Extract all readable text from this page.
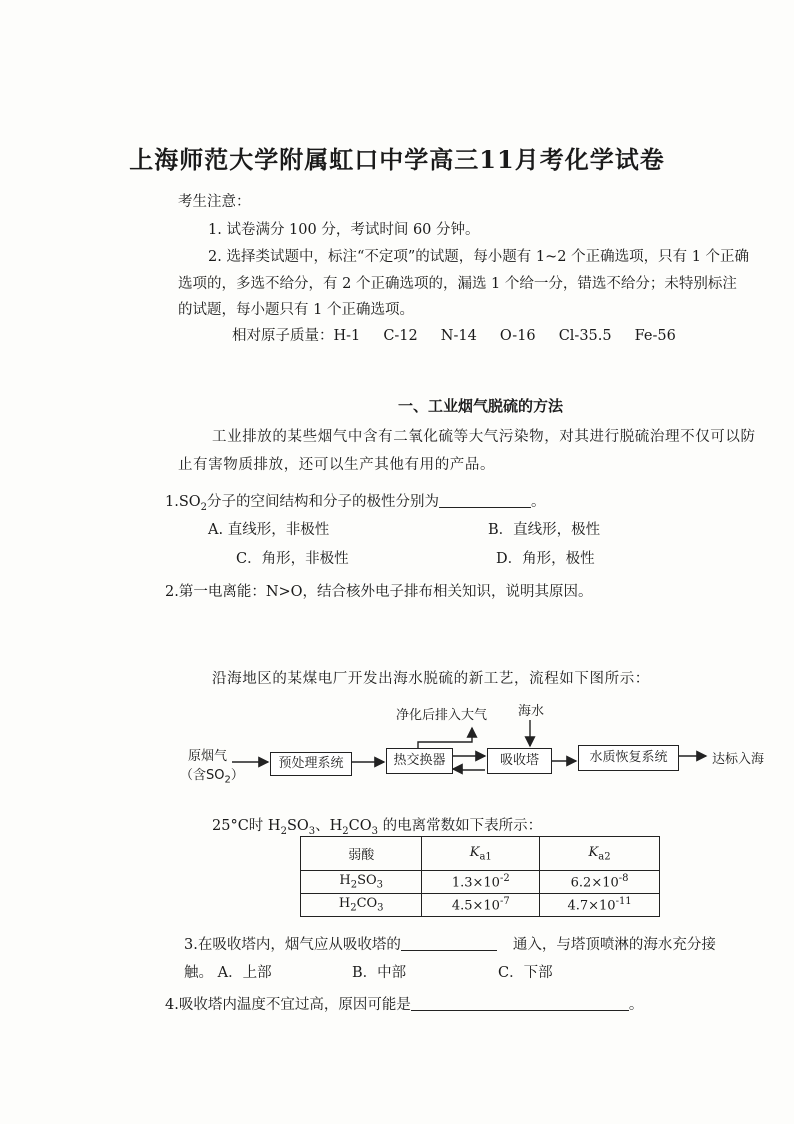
上海师范大学附属虹口中学高三11月考化学试卷
考生注意：
1. 试卷满分 100 分，考试时间 60 分钟。
2. 选择类试题中，标注“不定项”的试题，每小题有 1~2 个正确选项，只有 1 个正确
选项的，多选不给分，有 2 个正确选项的，漏选 1 个给一分，错选不给分；未特别标注
的试题，每小题只有 1 个正确选项。
相对原子质量：H-1     C-12     N-14     O-16     Cl-35.5     Fe-56
一、工业烟气脱硫的方法
工业排放的某些烟气中含有二氧化硫等大气污染物，对其进行脱硫治理不仅可以防
止有害物质排放，还可以生产其他有用的产品。
$1.SO_2$分子的空间结构和分子的极性分别为	。
A. 直线形，非极性	B．直线形，极性
C．角形，非极性	D．角形，极性
2.第一电离能：N>O，结合核外电子排布相关知识，说明其原因。
沿海地区的某煤电厂开发出海水脱硫的新工艺，流程如下图所示：
原烟气
（含$SO_2$）
预处理系统	热交换器	吸收塔	水质恢复系统
净化后排入大气 海水
达标入海
25°C时 $H_2SO_3$、$H_2CO_3$ 的电离常数如下表所示：
弱酸	$K_{a1}$	$K_{a2}$
$H_2SO_3$	$1.3\times 10^{-2}$	$6.2\times 10^{-8}$
$H_2CO_3$	$4.5\times 10^{-7}$	$4.7\times 10^{-11}$
3.在吸收塔内，烟气应从吸收塔的	通入，与塔顶喷淋的海水充分接
触。 A．上部	B．中部	C．下部
4.吸收塔内温度不宜过高，原因可能是	。
